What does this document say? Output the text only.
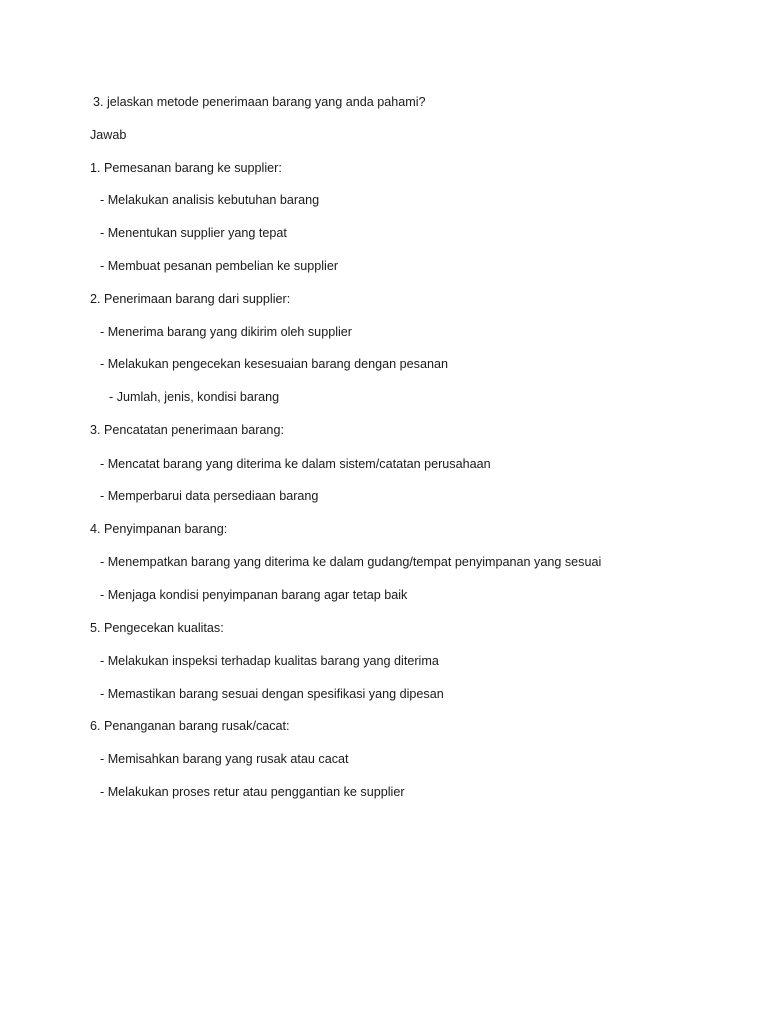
3. jelaskan metode penerimaan barang yang anda pahami?

Jawab

1. Pemesanan barang ke supplier:

- Melakukan analisis kebutuhan barang

- Menentukan supplier yang tepat

- Membuat pesanan pembelian ke supplier

2. Penerimaan barang dari supplier:

- Menerima barang yang dikirim oleh supplier

- Melakukan pengecekan kesesuaian barang dengan pesanan

- Jumlah, jenis, kondisi barang

3. Pencatatan penerimaan barang:

- Mencatat barang yang diterima ke dalam sistem/catatan perusahaan

- Memperbarui data persediaan barang

4. Penyimpanan barang:

- Menempatkan barang yang diterima ke dalam gudang/tempat penyimpanan yang sesuai

- Menjaga kondisi penyimpanan barang agar tetap baik

5. Pengecekan kualitas:

- Melakukan inspeksi terhadap kualitas barang yang diterima

- Memastikan barang sesuai dengan spesifikasi yang dipesan

6. Penanganan barang rusak/cacat:

- Memisahkan barang yang rusak atau cacat

- Melakukan proses retur atau penggantian ke supplier
